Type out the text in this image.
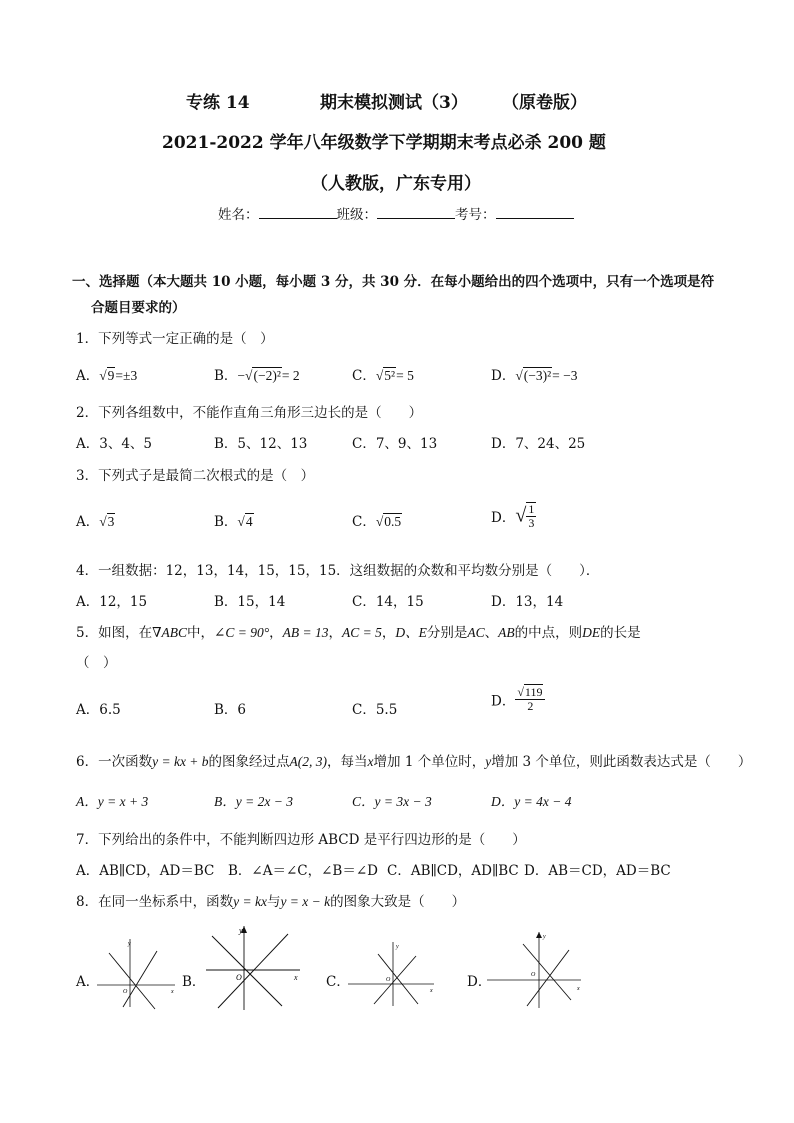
专练 14	期末模拟测试（3） （原卷版）
2021-2022 学年八年级数学下学期期末考点必杀 200 题
（人教版，广东专用）
姓名：	班级：	考号：
一、选择题（本大题共 10 小题，每小题 3 分，共 30 分．在每小题给出的四个选项中，只有一个选项是符
合题目要求的）
1．下列等式一定正确的是（　）
A．√9=±3	B．−√(−2)²= 2	C．√5²= 5	D．√(−3)²= −3
2．下列各组数中，不能作直角三角形三边长的是（　　）
A．3、4、5	B．5、12、13	C．7、9、13	D．7、24、25
3．下列式子是最简二次根式的是（　）
A．√3	B．√4	C．√0.5	D．√ $\frac{1}{3}$
4．一组数据：12，13，14，15，15，15．这组数据的众数和平均数分别是（　　）．
A．12，15	B．15，14	C．14，15	D．13，14
5．如图，在∇ABC中，∠C = 90°，AB = 13，AC = 5，D、E分别是AC、AB的中点，则DE的长是
（　）
A．6.5	B．6	C．5.5
D． $\frac{√119}{2}$
6．一次函数y = kx + b的图象经过点A(2, 3)，每当x增加 1 个单位时，y增加 3 个单位，则此函数表达式是（　　）
A．y = x + 3	B．y = 2x − 3	C．y = 3x − 3	D．y = 4x − 4
7．下列给出的条件中，不能判断四边形 ABCD 是平行四边形的是（　　）
A．AB∥CD，AD＝BC B．∠A＝∠C，∠B＝∠D C．AB∥CD，AD∥BC D．AB＝CD，AD＝BC
8．在同一坐标系中，函数y = kx与y = x − k的图象大致是（　　）
A．	B．	C．	D．
y
x
O
y
x
O
y
x
O
y
x
O
